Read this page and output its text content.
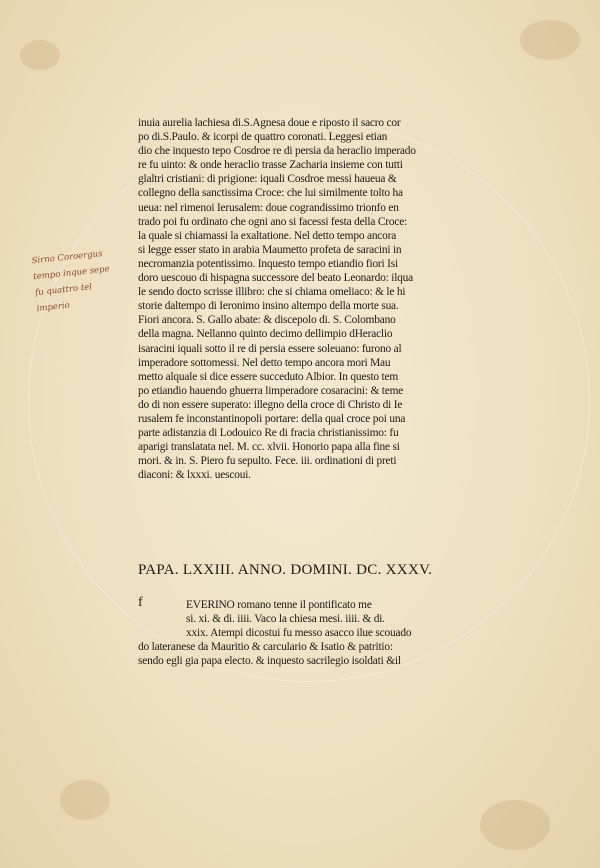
Sirno Coroergus
tempo inque sepe
fu quattro tel
imperio
inuia aurelia lachiesa di.S.Agnesa doue e riposto il sacro cor
po di.S.Paulo. & icorpi de quattro coronati. Leggesi etian
dio che inquesto tepo Cosdroe re di persia da heraclio imperado
re fu uinto: & onde heraclio trasse Zacharia insieme con tutti
glaltri cristiani: di prigione: iquali Cosdroe messi haueua &
collegno della sanctissima Croce: che lui similmente tolto ha
ueua: nel rimenoi Ierusalem: doue cograndissimo trionfo en
trado poi fu ordinato che ogni ano si facessi festa della Croce:
la quale si chiamassi la exaltatione. Nel detto tempo ancora
si legge esser stato in arabia Maumetto profeta de saracini in
necromanzia potentissimo. Inquesto tempo etiandio fiori Isi
doro uescouo di hispagna successore del beato Leonardo: ilqua
le sendo docto scrisse illibro: che si chiama omeliaco: & le hi
storie daltempo di Ieronimo insino altempo della morte sua.
Fiori ancora. S. Gallo abate: & discepolo di. S. Colombano
della magna. Nellanno quinto decimo dellimpio dHeraclio
isaracini iquali sotto il re di persia essere soleuano: furono al
imperadore sottomessi. Nel detto tempo ancora mori Mau
metto alquale si dice essere succeduto Albior. In questo tem
po etiandio hauendo ghuerra limperadore cosaracini: & teme
do di non essere superato: illegno della croce di Christo di Ie
rusalem fe inconstantinopoli portare: della qual croce poi una
parte adistanzia di Lodouico Re di fracia christianissimo: fu
aparigi translatata nel. M. cc. xlvii. Honorio papa alla fine si
mori. & in. S. Piero fu sepulto. Fece. iii. ordinationi di preti
diaconi: & lxxxi. uescoui.
PAPA. LXXIII. ANNO. DOMINI. DC. XXXV.
f	EVERINO romano tenne il pontificato me
si. xi. & di. iiii. Vaco la chiesa mesi. iiii. & di.
xxix. Atempi dicostui fu messo asacco ilue scouado
do lateranese da Mauritio & carculario & Isatio & patritio:
sendo egli gia papa electo. & inquesto sacrilegio isoldati &il
